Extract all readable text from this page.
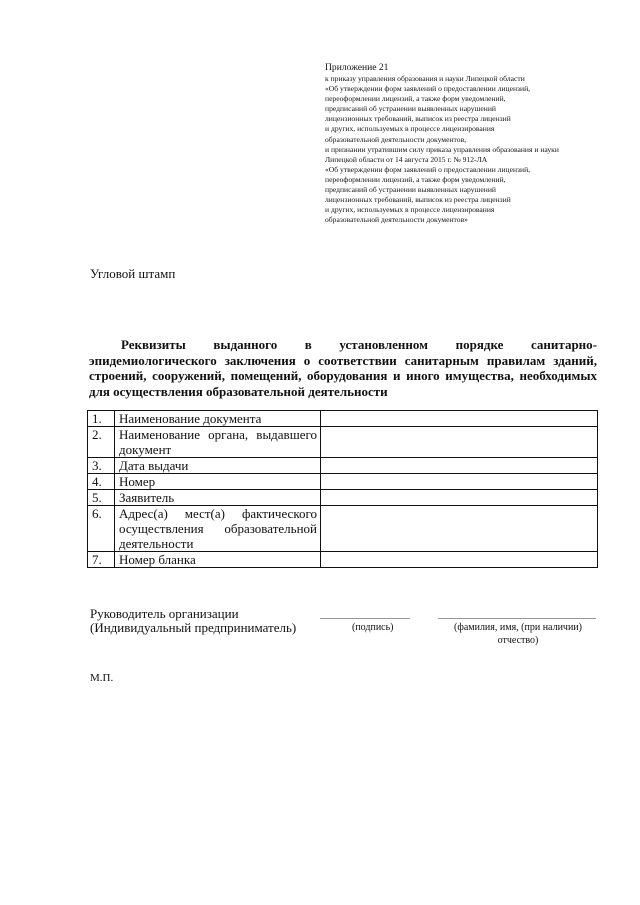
Приложение 21
к приказу управления образования и науки Липецкой области
«Об утверждении форм заявлений о предоставлении лицензий,
переоформлении лицензий, а также форм уведомлений,
предписаний об устранении выявленных нарушений
лицензионных требований, выписок из реестра лицензий
и других, используемых в процессе лицензирования
образовательной деятельности документов,
и признании утратившим силу приказа управления образования и науки
Липецкой области от 14 августа 2015 г. № 912-ЛА
«Об утверждении форм заявлений о предоставлении лицензий,
переоформлении лицензий, а также форм уведомлений,
предписаний об устранении выявленных нарушений
лицензионных требований, выписок из реестра лицензий
и других, используемых в процессе лицензирования
образовательной деятельности документов»
Угловой штамп
Реквизиты выданного в установленном порядке санитарно-эпидемиологического заключения о соответствии санитарным правилам зданий, строений, сооружений, помещений, оборудования и иного имущества, необходимых для осуществления образовательной деятельности
1.	Наименование документа	
2.	Наименование органа, выдавшего документ	
3.	Дата выдачи	
4.	Номер	
5.	Заявитель	
6.	Адрес(а) мест(а) фактического осуществления образовательной деятельности	
7.	Номер бланка	
Руководитель организации
(Индивидуальный предприниматель)	(подпись)	(фамилия, имя, (при наличии)
отчество)
М.П.
